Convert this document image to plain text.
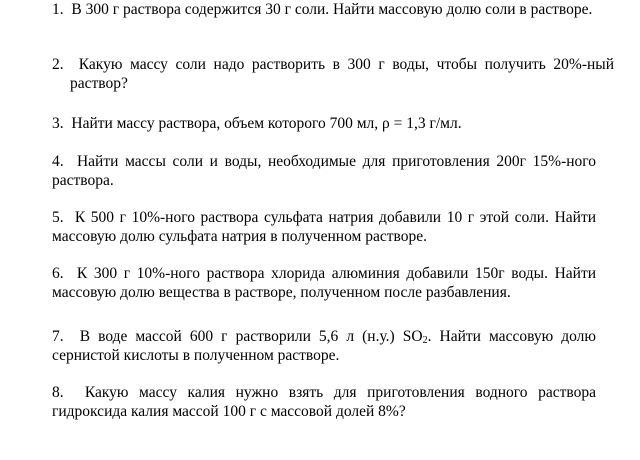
1. В 300 г раствора содержится 30 г соли. Найти массовую долю соли в растворе.
2. Какую массу соли надо растворить в 300 г воды, чтобы получить 20%-ный раствор?
3. Найти массу раствора, объем которого 700 мл, ρ = 1,3 г/мл.
4. Найти массы соли и воды, необходимые для приготовления 200г 15%-ного раствора.
5. К 500 г 10%-ного раствора сульфата натрия добавили 10 г этой соли. Найти массовую долю сульфата натрия в полученном растворе.
6. К 300 г 10%-ного раствора хлорида алюминия добавили 150г воды. Найти массовую долю вещества в растворе, полученном после разбавления.
7. В воде массой 600 г растворили 5,6 л (н.у.) $SO_2$. Найти массовую долю сернистой кислоты в полученном растворе.
8. Какую массу калия нужно взять для приготовления водного раствора гидроксида калия массой 100 г с массовой долей 8%?
